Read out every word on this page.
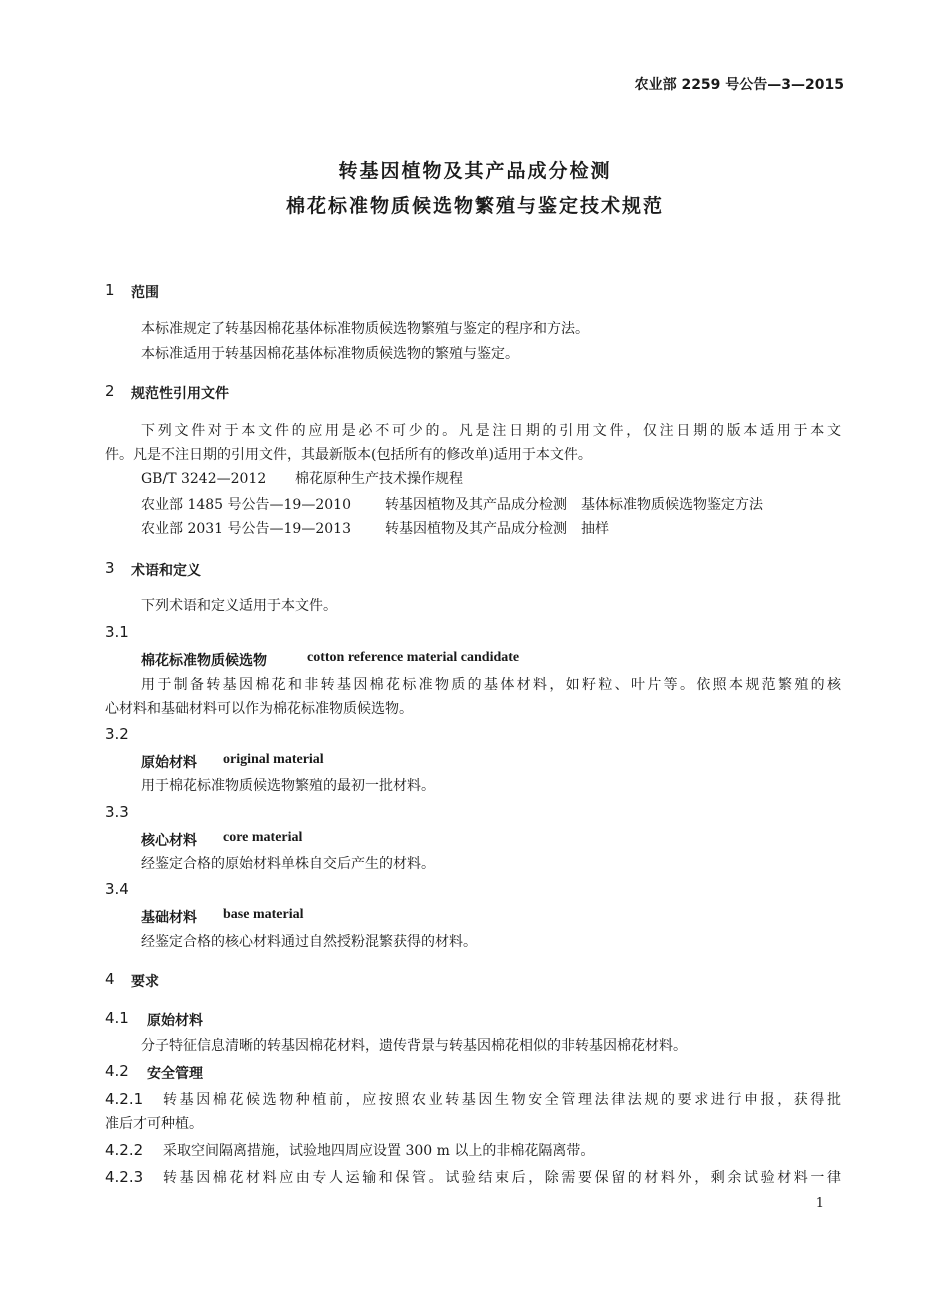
农业部 2259 号公告—3—2015
转基因植物及其产品成分检测
棉花标准物质候选物繁殖与鉴定技术规范
1 范围
本标准规定了转基因棉花基体标准物质候选物繁殖与鉴定的程序和方法。
本标准适用于转基因棉花基体标准物质候选物的繁殖与鉴定。
2 规范性引用文件
下列文件对于本文件的应用是必不可少的。凡是注日期的引用文件，仅注日期的版本适用于本文
件。凡是不注日期的引用文件，其最新版本(包括所有的修改单)适用于本文件。
GB/T 3242—2012 棉花原种生产技术操作规程
农业部 1485 号公告—19—2010 转基因植物及其产品成分检测　基体标准物质候选物鉴定方法
农业部 2031 号公告—19—2013 转基因植物及其产品成分检测　抽样
3 术语和定义
下列术语和定义适用于本文件。
3.1
棉花标准物质候选物	cotton reference material candidate
用于制备转基因棉花和非转基因棉花标准物质的基体材料，如籽粒、叶片等。依照本规范繁殖的核
心材料和基础材料可以作为棉花标准物质候选物。
3.2
原始材料 original material
用于棉花标准物质候选物繁殖的最初一批材料。
3.3
核心材料 core material
经鉴定合格的原始材料单株自交后产生的材料。
3.4
基础材料 base material
经鉴定合格的核心材料通过自然授粉混繁获得的材料。
4 要求
4.1 原始材料
分子特征信息清晰的转基因棉花材料，遗传背景与转基因棉花相似的非转基因棉花材料。
4.2 安全管理
4.2.1 转基因棉花候选物种植前，应按照农业转基因生物安全管理法律法规的要求进行申报，获得批
准后才可种植。
4.2.2 采取空间隔离措施，试验地四周应设置 300 m 以上的非棉花隔离带。
4.2.3 转基因棉花材料应由专人运输和保管。试验结束后，除需要保留的材料外，剩余试验材料一律
1
